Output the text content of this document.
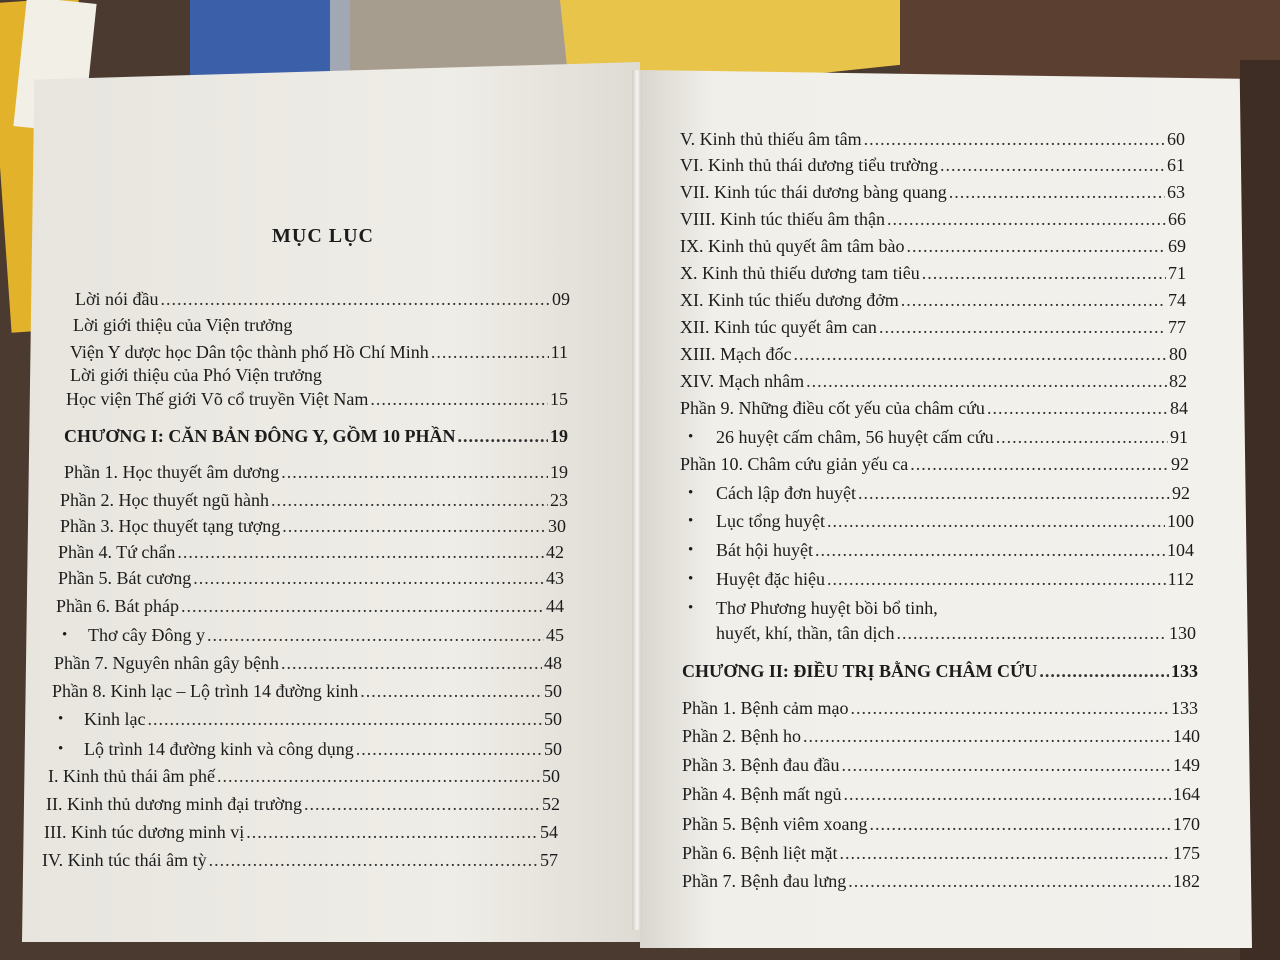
MỤC LỤC
Lời nói đầu .....	09
Lời giới thiệu của Viện trưởng
Viện Y dược học Dân tộc thành phố Hồ Chí Minh .....	11
Lời giới thiệu của Phó Viện trưởng
Học viện Thế giới Võ cổ truyền Việt Nam .....	15
CHƯƠNG I: CĂN BẢN ĐÔNG Y, GỒM 10 PHẦN .....	19
Phần 1. Học thuyết âm dương .....	19
Phần 2. Học thuyết ngũ hành .....	23
Phần 3. Học thuyết tạng tượng .....	30
Phần 4. Tứ chẩn .....	42
Phần 5. Bát cương .....	43
Phần 6. Bát pháp .....	44
• Thơ cây Đông y .....	45
Phần 7. Nguyên nhân gây bệnh .....	48
Phần 8. Kinh lạc – Lộ trình 14 đường kinh .....	50
• Kinh lạc .....	50
• Lộ trình 14 đường kinh và công dụng .....	50
I. Kinh thủ thái âm phế .....	50
II. Kinh thủ dương minh đại trường .....	52
III. Kinh túc dương minh vị .....	54
IV. Kinh túc thái âm tỳ .....	57
V. Kinh thủ thiếu âm tâm .....	60
VI. Kinh thủ thái dương tiểu trường .....	61
VII. Kinh túc thái dương bàng quang .....	63
VIII. Kinh túc thiếu âm thận .....	66
IX. Kinh thủ quyết âm tâm bào .....	69
X. Kinh thủ thiếu dương tam tiêu .....	71
XI. Kinh túc thiếu dương đởm .....	74
XII. Kinh túc quyết âm can .....	77
XIII. Mạch đốc .....	80
XIV. Mạch nhâm .....	82
Phần 9. Những điều cốt yếu của châm cứu .....	84
• 26 huyệt cấm châm, 56 huyệt cấm cứu .....	91
Phần 10. Châm cứu giản yếu ca .....	92
• Cách lập đơn huyệt .....	92
• Lục tổng huyệt .....	100
• Bát hội huyệt .....	104
• Huyệt đặc hiệu .....	112
• Thơ Phương huyệt bồi bổ tinh,
huyết, khí, thần, tân dịch .....	130
CHƯƠNG II: ĐIỀU TRỊ BẰNG CHÂM CỨU .....	133
Phần 1. Bệnh cảm mạo .....	133
Phần 2. Bệnh ho .....	140
Phần 3. Bệnh đau đầu .....	149
Phần 4. Bệnh mất ngủ .....	164
Phần 5. Bệnh viêm xoang .....	170
Phần 6. Bệnh liệt mặt .....	175
Phần 7. Bệnh đau lưng .....	182
